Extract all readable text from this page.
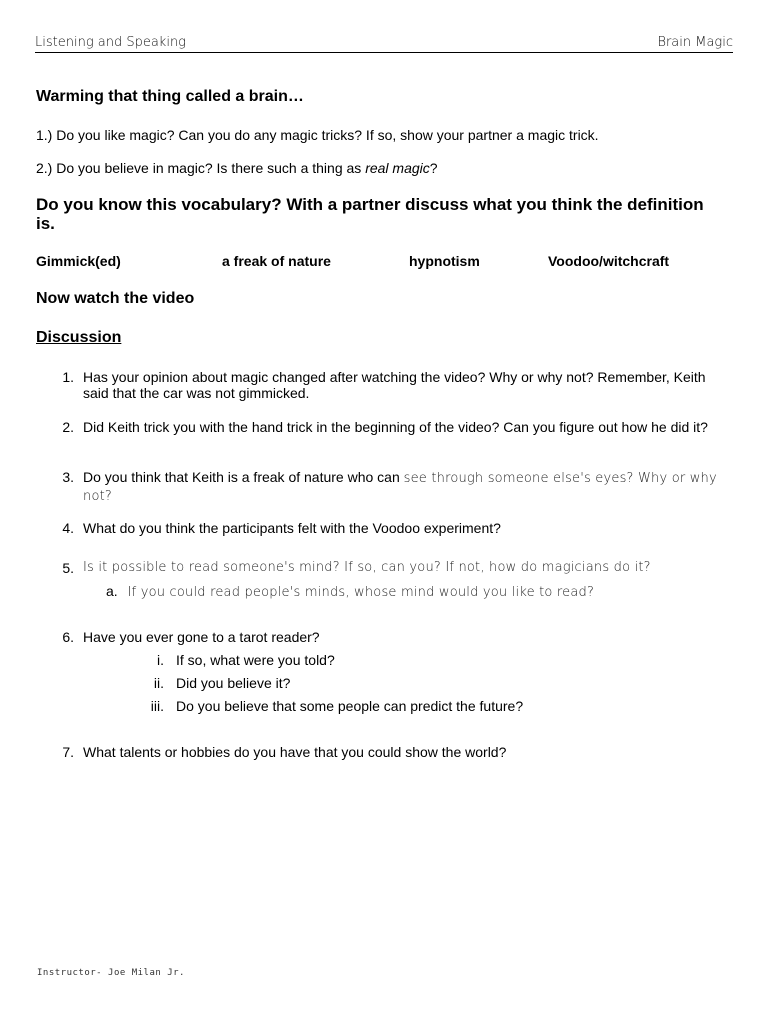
Listening and Speaking	Brain Magic
Warming that thing called a brain…
1.) Do you like magic? Can you do any magic tricks? If so, show your partner a magic trick.
2.) Do you believe in magic? Is there such a thing as real magic?
Do you know this vocabulary? With a partner discuss what you think the definition is.
Gimmick(ed)	a freak of nature	hypnotism	Voodoo/witchcraft
Now watch the video
Discussion
1. Has your opinion about magic changed after watching the video? Why or why not? Remember, Keith said that the car was not gimmicked.
2. Did Keith trick you with the hand trick in the beginning of the video? Can you figure out how he did it?
3. Do you think that Keith is a freak of nature who can see through someone else's eyes? Why or why not?
4. What do you think the participants felt with the Voodoo experiment?
5. Is it possible to read someone's mind? If so, can you? If not, how do magicians do it?
a. If you could read people's minds, whose mind would you like to read?
6. Have you ever gone to a tarot reader?
i. If so, what were you told?
ii. Did you believe it?
iii. Do you believe that some people can predict the future?
7. What talents or hobbies do you have that you could show the world?
Instructor- Joe Milan Jr.
